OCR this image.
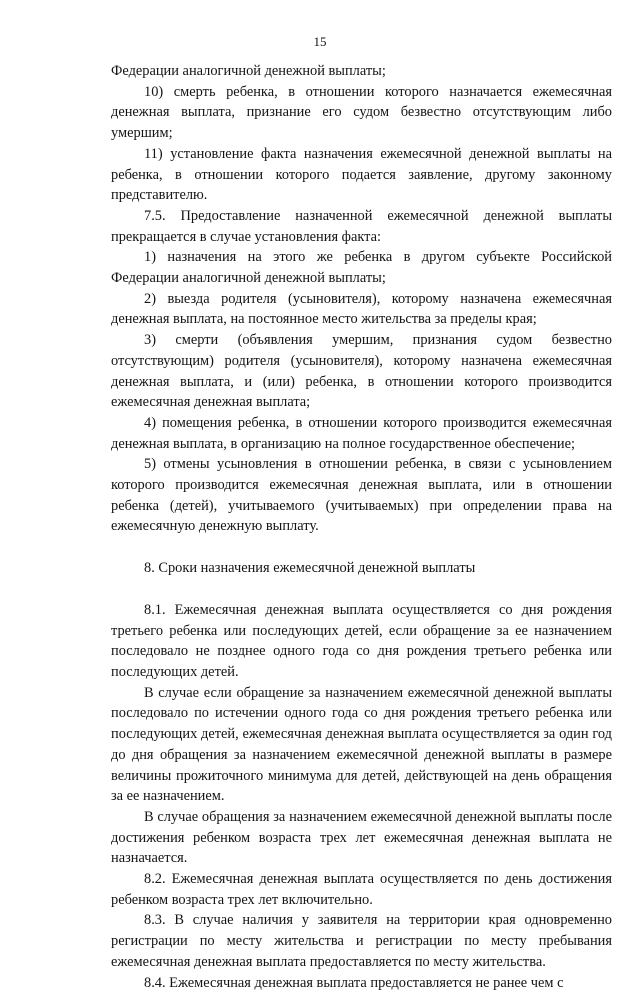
15

Федерации аналогичной денежной выплаты;

10) смерть ребенка, в отношении которого назначается ежемесячная денежная выплата, признание его судом безвестно отсутствующим либо умершим;

11) установление факта назначения ежемесячной денежной выплаты на ребенка, в отношении которого подается заявление, другому законному представителю.

7.5. Предоставление назначенной ежемесячной денежной выплаты прекращается в случае установления факта:

1) назначения на этого же ребенка в другом субъекте Российской Федерации аналогичной денежной выплаты;

2) выезда родителя (усыновителя), которому назначена ежемесячная денежная выплата, на постоянное место жительства за пределы края;

3) смерти (объявления умершим, признания судом безвестно отсутствующим) родителя (усыновителя), которому назначена ежемесячная денежная выплата, и (или) ребенка, в отношении которого производится ежемесячная денежная выплата;

4) помещения ребенка, в отношении которого производится ежемесячная денежная выплата, в организацию на полное государственное обеспечение;

5) отмены усыновления в отношении ребенка, в связи с усыновлением которого производится ежемесячная денежная выплата, или в отношении ребенка (детей), учитываемого (учитываемых) при определении права на ежемесячную денежную выплату.

8. Сроки назначения ежемесячной денежной выплаты

8.1. Ежемесячная денежная выплата осуществляется со дня рождения третьего ребенка или последующих детей, если обращение за ее назначением последовало не позднее одного года со дня рождения третьего ребенка или последующих детей.

В случае если обращение за назначением ежемесячной денежной выплаты последовало по истечении одного года со дня рождения третьего ребенка или последующих детей, ежемесячная денежная выплата осуществляется за один год до дня обращения за назначением ежемесячной денежной выплаты в размере величины прожиточного минимума для детей, действующей на день обращения за ее назначением.

В случае обращения за назначением ежемесячной денежной выплаты после достижения ребенком возраста трех лет ежемесячная денежная выплата не назначается.

8.2. Ежемесячная денежная выплата осуществляется по день достижения ребенком возраста трех лет включительно.

8.3. В случае наличия у заявителя на территории края одновременно регистрации по месту жительства и регистрации по месту пребывания ежемесячная денежная выплата предоставляется по месту жительства.

8.4. Ежемесячная денежная выплата предоставляется не ранее чем с
